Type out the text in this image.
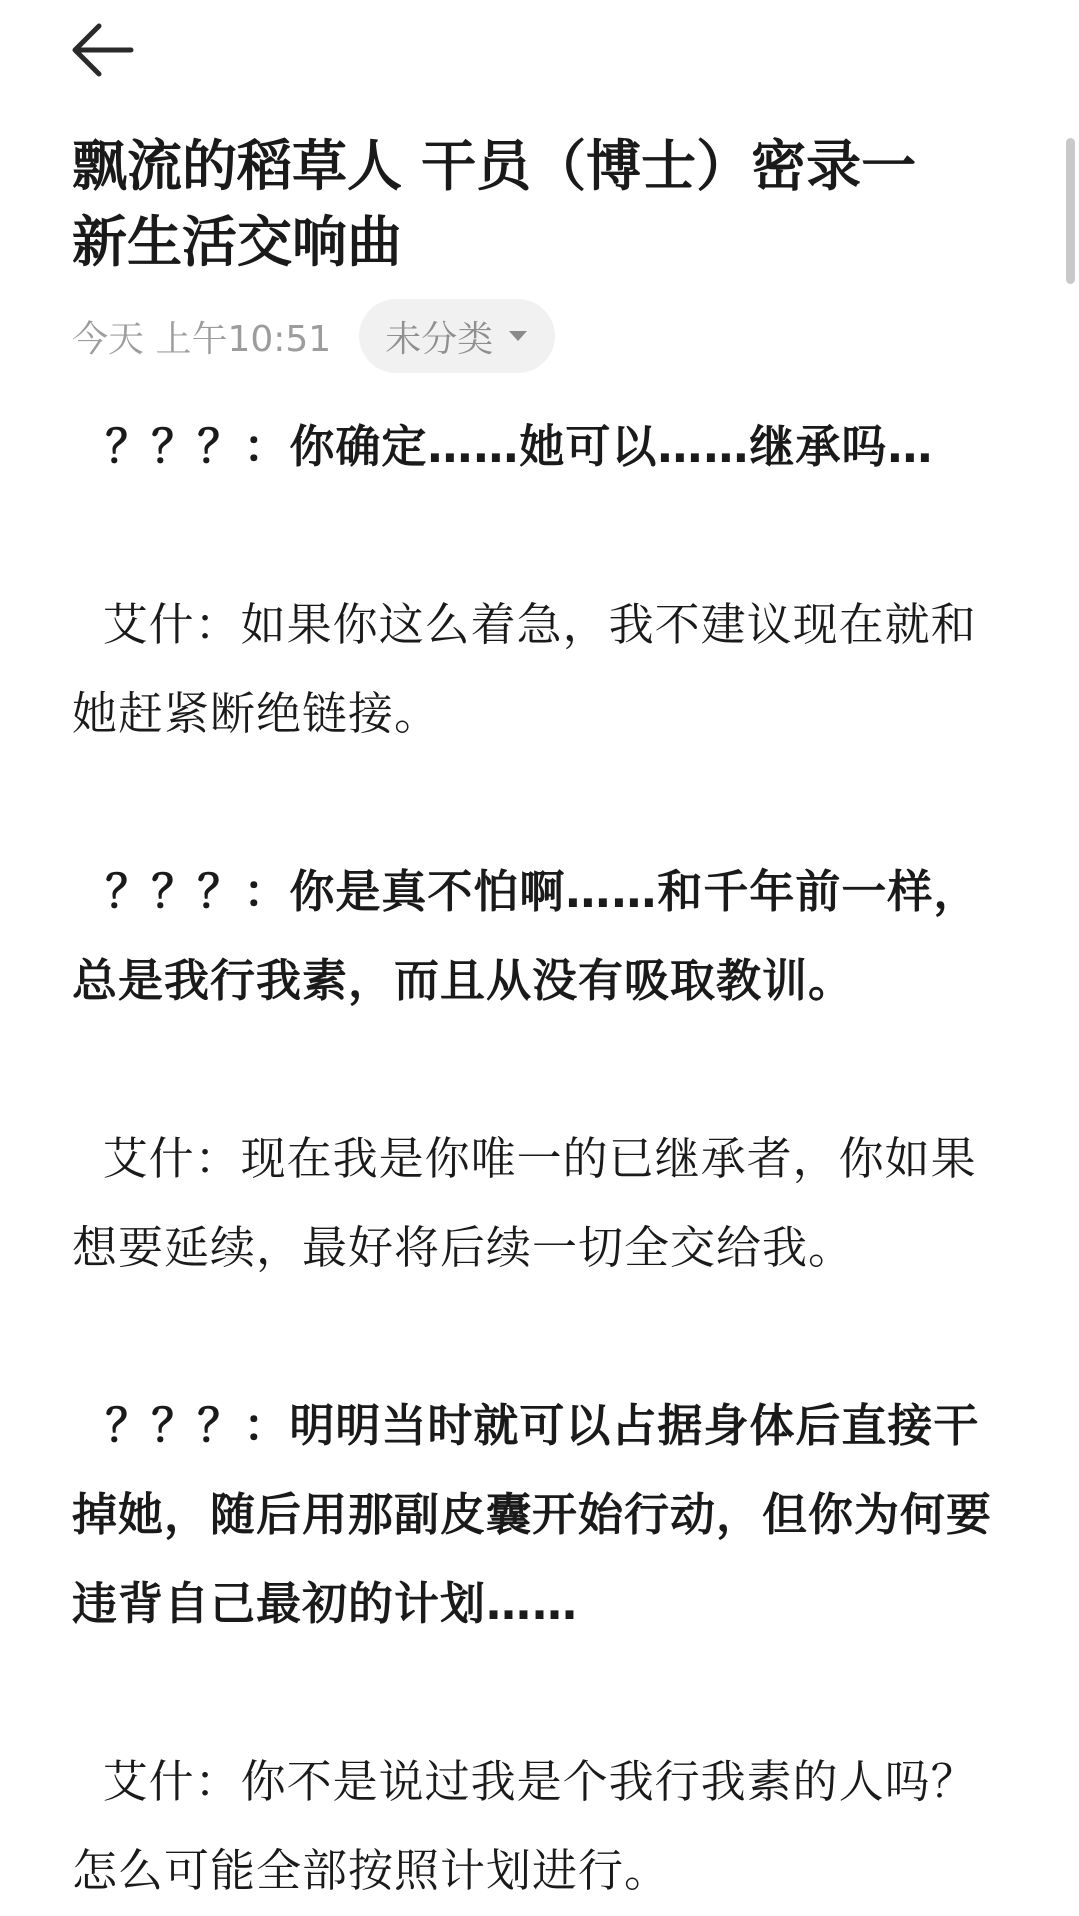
飘流的稻草人 干员（博士）密录一
新生活交响曲
今天 上午10:51 未分类

？？？：你确定……她可以……继承吗…

艾什：如果你这么着急，我不建议现在就和她赶紧断绝链接。

？？？：你是真不怕啊……和千年前一样，总是我行我素，而且从没有吸取教训。

艾什：现在我是你唯一的已继承者，你如果想要延续，最好将后续一切全交给我。

？？？：明明当时就可以占据身体后直接干掉她，随后用那副皮囊开始行动，但你为何要违背自己最初的计划……

艾什：你不是说过我是个我行我素的人吗？怎么可能全部按照计划进行。
